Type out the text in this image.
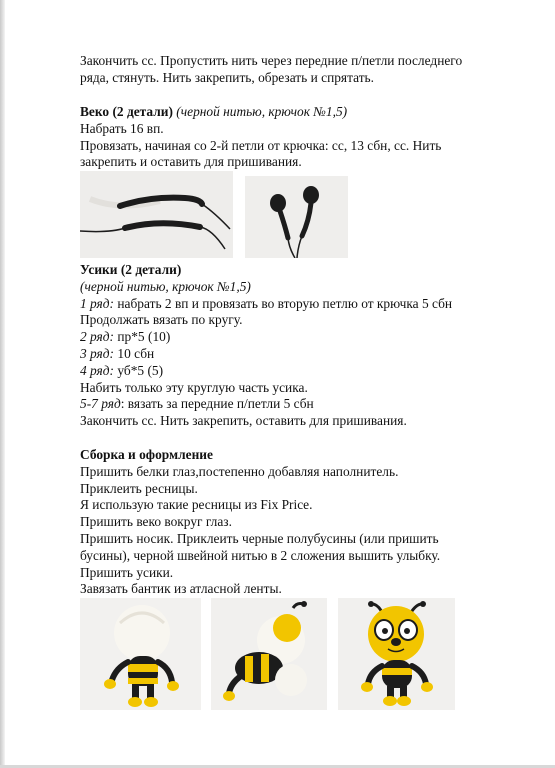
Закончить сс. Пропустить нить через передние п/петли последнего
ряда, стянуть. Нить закрепить, обрезать и спрятать.
Веко (2 детали) (черной нитью, крючок №1,5)
Набрать 16 вп.
Провязать, начиная со 2-й петли от крючка: сс, 13 сбн, сс. Нить
закрепить и оставить для пришивания.
Усики (2 детали)
(черной нитью, крючок №1,5)
1 ряд: набрать 2 вп и провязать во вторую петлю от крючка 5 сбн
Продолжать вязать по кругу.
2 ряд: пр*5 (10)
3 ряд: 10 сбн
4 ряд: уб*5 (5)
Набить только эту круглую часть усика.
5-7 ряд: вязать за передние п/петли 5 сбн
Закончить сс. Нить закрепить, оставить для пришивания.
Сборка и оформление
Пришить белки глаз,постепенно добавляя наполнитель.
Приклеить ресницы.
Я использую такие ресницы из Fix Price.
Пришить веко вокруг глаз.
Пришить носик. Приклеить черные полубусины (или пришить
бусины), черной швейной нитью в 2 сложения вышить улыбку.
Пришить усики.
Завязать бантик из атласной ленты.
